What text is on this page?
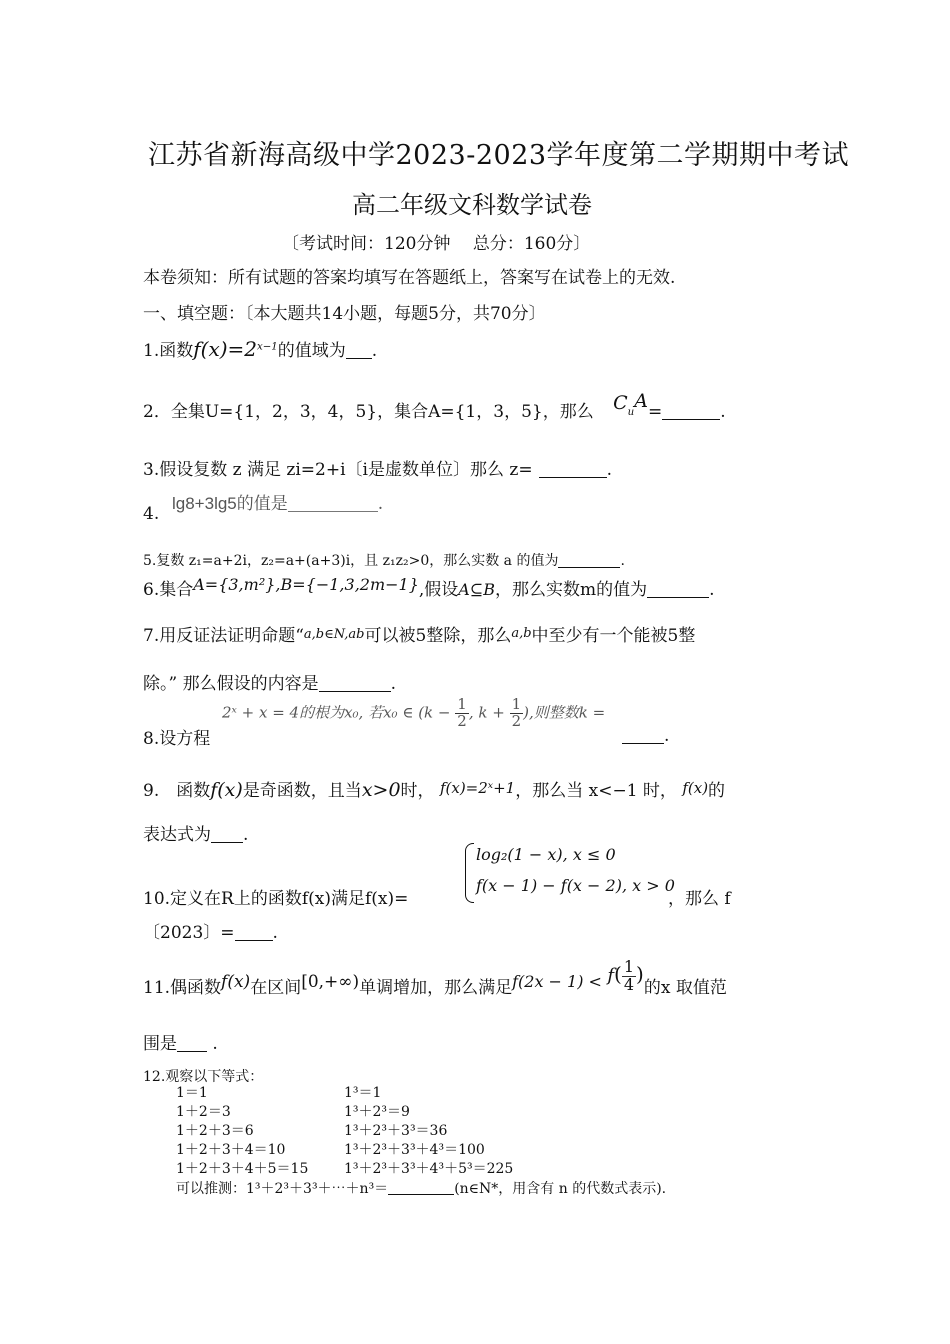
江苏省新海高级中学2023-2023学年度第二学期期中考试
高二年级文科数学试卷
〔考试时间：120分钟　 总分：160分〕
本卷须知：所有试题的答案均填写在答题纸上，答案写在试卷上的无效.
一、填空题：〔本大题共14小题，每题5分，共70分〕
1.函数$f(x)=2^{x-1}$的值域为 .
2．全集U={1，2，3，4，5}，集合A={1，3，5}，那么 $C_uA=$	.
3.假设复数 z 满足 zi=2+i〔i是虚数单位〕那么 z=	.
4.
lg8+3lg5的值是	.
5.复数 z₁=a+2i，z₂=a+(a+3)i，且 z₁z₂>0，那么实数 a 的值为	.
6.集合A={3,m²},B={−1,3,2m−1},假设A⊆B，那么实数m的值为	.
7.用反证法证明命题“a,b∈N,ab可以被5整除，那么$^{a,b}$中至少有一个能被5整
除。” 那么假设的内容是	.
8.设方程
2ˣ + x = 4的根为x₀, 若x₀ ∈ ($k - \frac{1}{2}$ , $k + \frac{1}{2}$ ),则整数k =
.
9.　函数f(x)是奇函数，且当x>0时， f(x)=2ˣ+1，那么当 x<−1 时， f(x)的
表达式为 .
log₂(1 − x), x ≤ 0
f(x − 1) − f(x − 2), x > 0
10.定义在R上的函数f(x)满足f(x)=	，那么 f
〔2023〕= .
11.偶函数f(x)在区间[0,+∞)单调增加，那么满足$f(2x - 1) < f( \frac{1}{4}$ )的x 取值范
围是 .
12.观察以下等式：
1＝1	1³＝1
1＋2＝3	1³＋2³＝9
1＋2＋3＝6	1³＋2³＋3³＝36
1＋2＋3＋4＝10	1³＋2³＋3³＋4³＝100
1＋2＋3＋4＋5＝15	1³＋2³＋3³＋4³＋5³＝225
可以推测：1³＋2³＋3³＋⋯＋n³＝	(n∈N*，用含有 n 的代数式表示).
